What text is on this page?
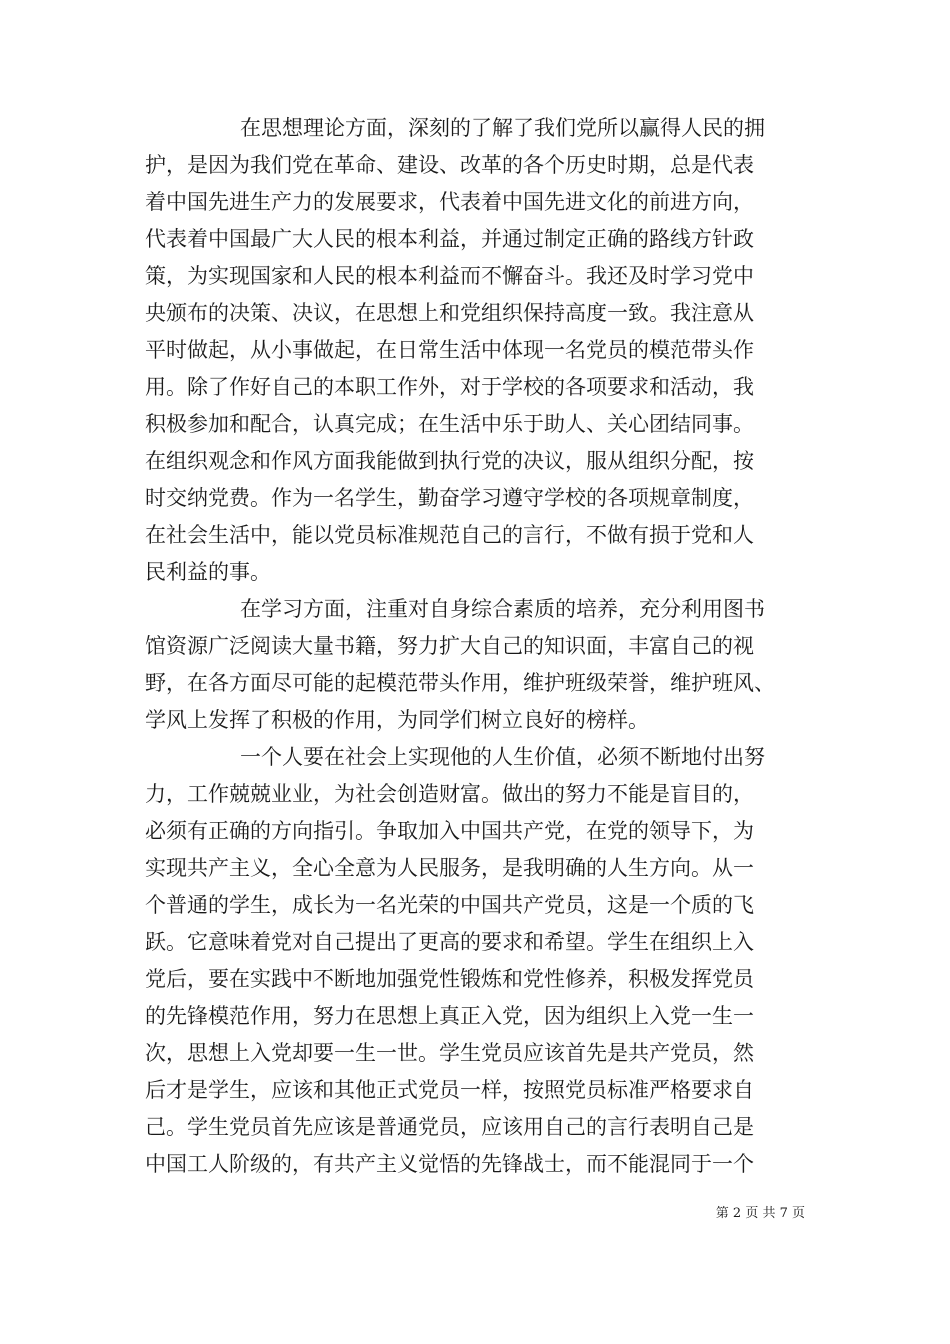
在思想理论方面，深刻的了解了我们党所以赢得人民的拥
护，是因为我们党在革命、建设、改革的各个历史时期，总是代表
着中国先进生产力的发展要求，代表着中国先进文化的前进方向，
代表着中国最广大人民的根本利益，并通过制定正确的路线方针政
策，为实现国家和人民的根本利益而不懈奋斗。我还及时学习党中
央颁布的决策、决议，在思想上和党组织保持高度一致。我注意从
平时做起，从小事做起，在日常生活中体现一名党员的模范带头作
用。除了作好自己的本职工作外，对于学校的各项要求和活动，我
积极参加和配合，认真完成；在生活中乐于助人、关心团结同事。
在组织观念和作风方面我能做到执行党的决议，服从组织分配，按
时交纳党费。作为一名学生，勤奋学习遵守学校的各项规章制度，
在社会生活中，能以党员标准规范自己的言行，不做有损于党和人
民利益的事。
在学习方面，注重对自身综合素质的培养，充分利用图书
馆资源广泛阅读大量书籍，努力扩大自己的知识面，丰富自己的视
野，在各方面尽可能的起模范带头作用，维护班级荣誉，维护班风、
学风上发挥了积极的作用，为同学们树立良好的榜样。
一个人要在社会上实现他的人生价值，必须不断地付出努
力，工作兢兢业业，为社会创造财富。做出的努力不能是盲目的，
必须有正确的方向指引。争取加入中国共产党，在党的领导下，为
实现共产主义，全心全意为人民服务，是我明确的人生方向。从一
个普通的学生，成长为一名光荣的中国共产党员，这是一个质的飞
跃。它意味着党对自己提出了更高的要求和希望。学生在组织上入
党后，要在实践中不断地加强党性锻炼和党性修养，积极发挥党员
的先锋模范作用，努力在思想上真正入党，因为组织上入党一生一
次，思想上入党却要一生一世。学生党员应该首先是共产党员，然
后才是学生，应该和其他正式党员一样，按照党员标准严格要求自
己。学生党员首先应该是普通党员，应该用自己的言行表明自己是
中国工人阶级的，有共产主义觉悟的先锋战士，而不能混同于一个
第 2 页 共 7 页
